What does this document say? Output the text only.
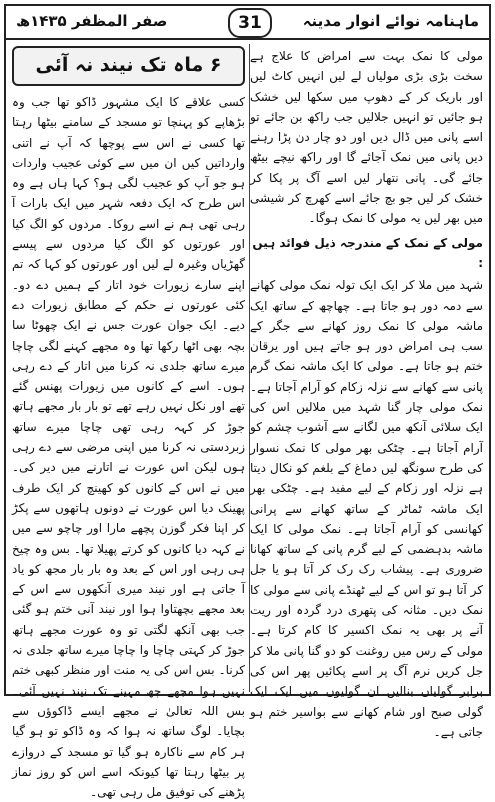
ماہنامہ نوائے انوار مدینہ
31
صفر المظفر ۱۴۳۵ھ

مولی کا نمک بہت سے امراض کا علاج ہے سخت بڑی بڑی مولیاں لے لیں انہیں کاٹ لیں اور باریک کر کے دھوپ میں سکھا لیں خشک ہو جائیں تو انہیں جلالیں جب راکھ بن جائے تو اسے پانی میں ڈال دیں اور دو چار دن پڑا رہنے دیں پانی میں نمک آجائے گا اور راکھ نیچے بیٹھ جائے گی۔ پانی نتھار لیں اسے آگ پر پکا کر خشک کر لیں جو بچ جائے اسے کھرچ کر شیشی میں بھر لیں یہ مولی کا نمک ہوگا۔

مولی کے نمک کے مندرجہ ذیل فوائد ہیں :

شہد میں ملا کر ایک ایک تولہ نمک مولی کھانے سے دمہ دور ہو جاتا ہے۔ چھاچھ کے ساتھ ایک ماشہ مولی کا نمک روز کھانے سے جگر کے سب ہی امراض دور ہو جاتے ہیں اور یرقان ختم ہو جاتا ہے۔ مولی کا ایک ماشہ نمک گرم پانی سے کھانے سے نزلہ زکام کو آرام آجاتا ہے۔ نمک مولی چار گنا شہد میں ملالیں اس کی ایک سلائی آنکھ میں لگانے سے آشوب چشم کو آرام آجاتا ہے۔ چٹکی بھر مولی کا نمک نسوار کی طرح سونگھ لیں دماغ کے بلغم کو نکال دیتا ہے نزلہ اور زکام کے لیے مفید ہے۔ چٹکی بھر ایک ماشہ ٹماٹر کے ساتھ کھانے سے پرانی کھانسی کو آرام آجاتا ہے۔ نمک مولی کا ایک ماشہ بدہضمی کے لیے گرم پانی کے ساتھ کھانا ضروری ہے۔ پیشاب رک رک کر آتا ہو یا جل کر آتا ہو تو اس کے لیے ٹھنڈے پانی سے مولی کا نمک دیں۔ مثانہ کی پتھری درد گردہ اور ریت آنے پر بھی یہ نمک اکسیر کا کام کرتا ہے۔ مولی کے رس میں روغنت کو دو گنا پانی ملا کر جل کریں نرم آگ پر اسے پکائیں پھر اس کی برابر گولیاں بنالیں ان گولیوں میں ایک ایک گولی صبح اور شام کھانے سے بواسیر ختم ہو جاتی ہے۔

۶ ماہ تک نیند نہ آئی

کسی علاقے کا ایک مشہور ڈاکو تھا جب وہ بڑھاپے کو پہنچا تو مسجد کے سامنے بیٹھا رہتا تھا کسی نے اس سے پوچھا کہ آپ نے اتنی وارداتیں کیں ان میں سے کوئی عجیب واردات ہو جو آپ کو عجیب لگی ہو؟ کہا ہاں ہے وہ اس طرح کہ ایک دفعہ شہر میں ایک بارات آ رہی تھی ہم نے اسے روکا۔ مردوں کو الگ کیا اور عورتوں کو الگ کیا مردوں سے پیسے گھڑیاں وغیرہ لے لیں اور عورتوں کو کہا کہ تم اپنے سارے زیورات خود اتار کے ہمیں دے دو۔ کئی عورتوں نے حکم کے مطابق زیورات دے دیے۔ ایک جوان عورت جس نے ایک چھوٹا سا بچہ بھی اٹھا رکھا تھا وہ مجھے کہنے لگی چاچا میرے ساتھ جلدی نہ کرنا میں اتار کے دے رہی ہوں۔ اسے کے کانوں میں زیورات پھنس گئے تھے اور نکل نہیں رہے تھے تو بار بار مجھے ہاتھ جوڑ کر کہہ رہی تھی چاچا میرے ساتھ زبردستی نہ کرنا میں اپنی مرضی سے دے رہی ہوں لیکن اس عورت نے اتارنے میں دیر کی۔ میں نے اس کے کانوں کو کھینچ کر ایک طرف پھینک دیا اس عورت نے دونوں ہاتھوں سے پکڑ کر اپنا فکر گوزن پچھے مارا اور چاچو سے میں نے کہہ دیا کانوں کو کرتے پھیلا تھا۔ بس وہ چیخ ہی رہی اور اس کے بعد وہ بار بار مجھ کو یاد آ جاتی ہے اور نیند میری آنکھوں سے اس کے بعد مجھے بچھتاوا ہوا اور نیند آنی ختم ہو گئی جب بھی آنکھ لگتی تو وہ عورت مجھے ہاتھ جوڑ کر کہتی چاچا وا چاچا میرے ساتھ جلدی نہ کرنا۔ بس اس کی یہ منت اور منظر کبھی ختم نہیں ہوا مجھے چھ مہینے تک نیند نہیں آئی۔ بس اللہ تعالیٰ نے مجھے ایسے ڈاکوؤں سے بچایا۔ لوگ ساتھ نہ ہوا کہ وہ ڈاکو تو ہو گیا ہر کام سے ناکارہ ہو گیا تو مسجد کے دروازے پر بیٹھا رہتا تھا کیونکہ اسے اس کو روز نماز پڑھنے کی توفیق مل رہی تھی۔
